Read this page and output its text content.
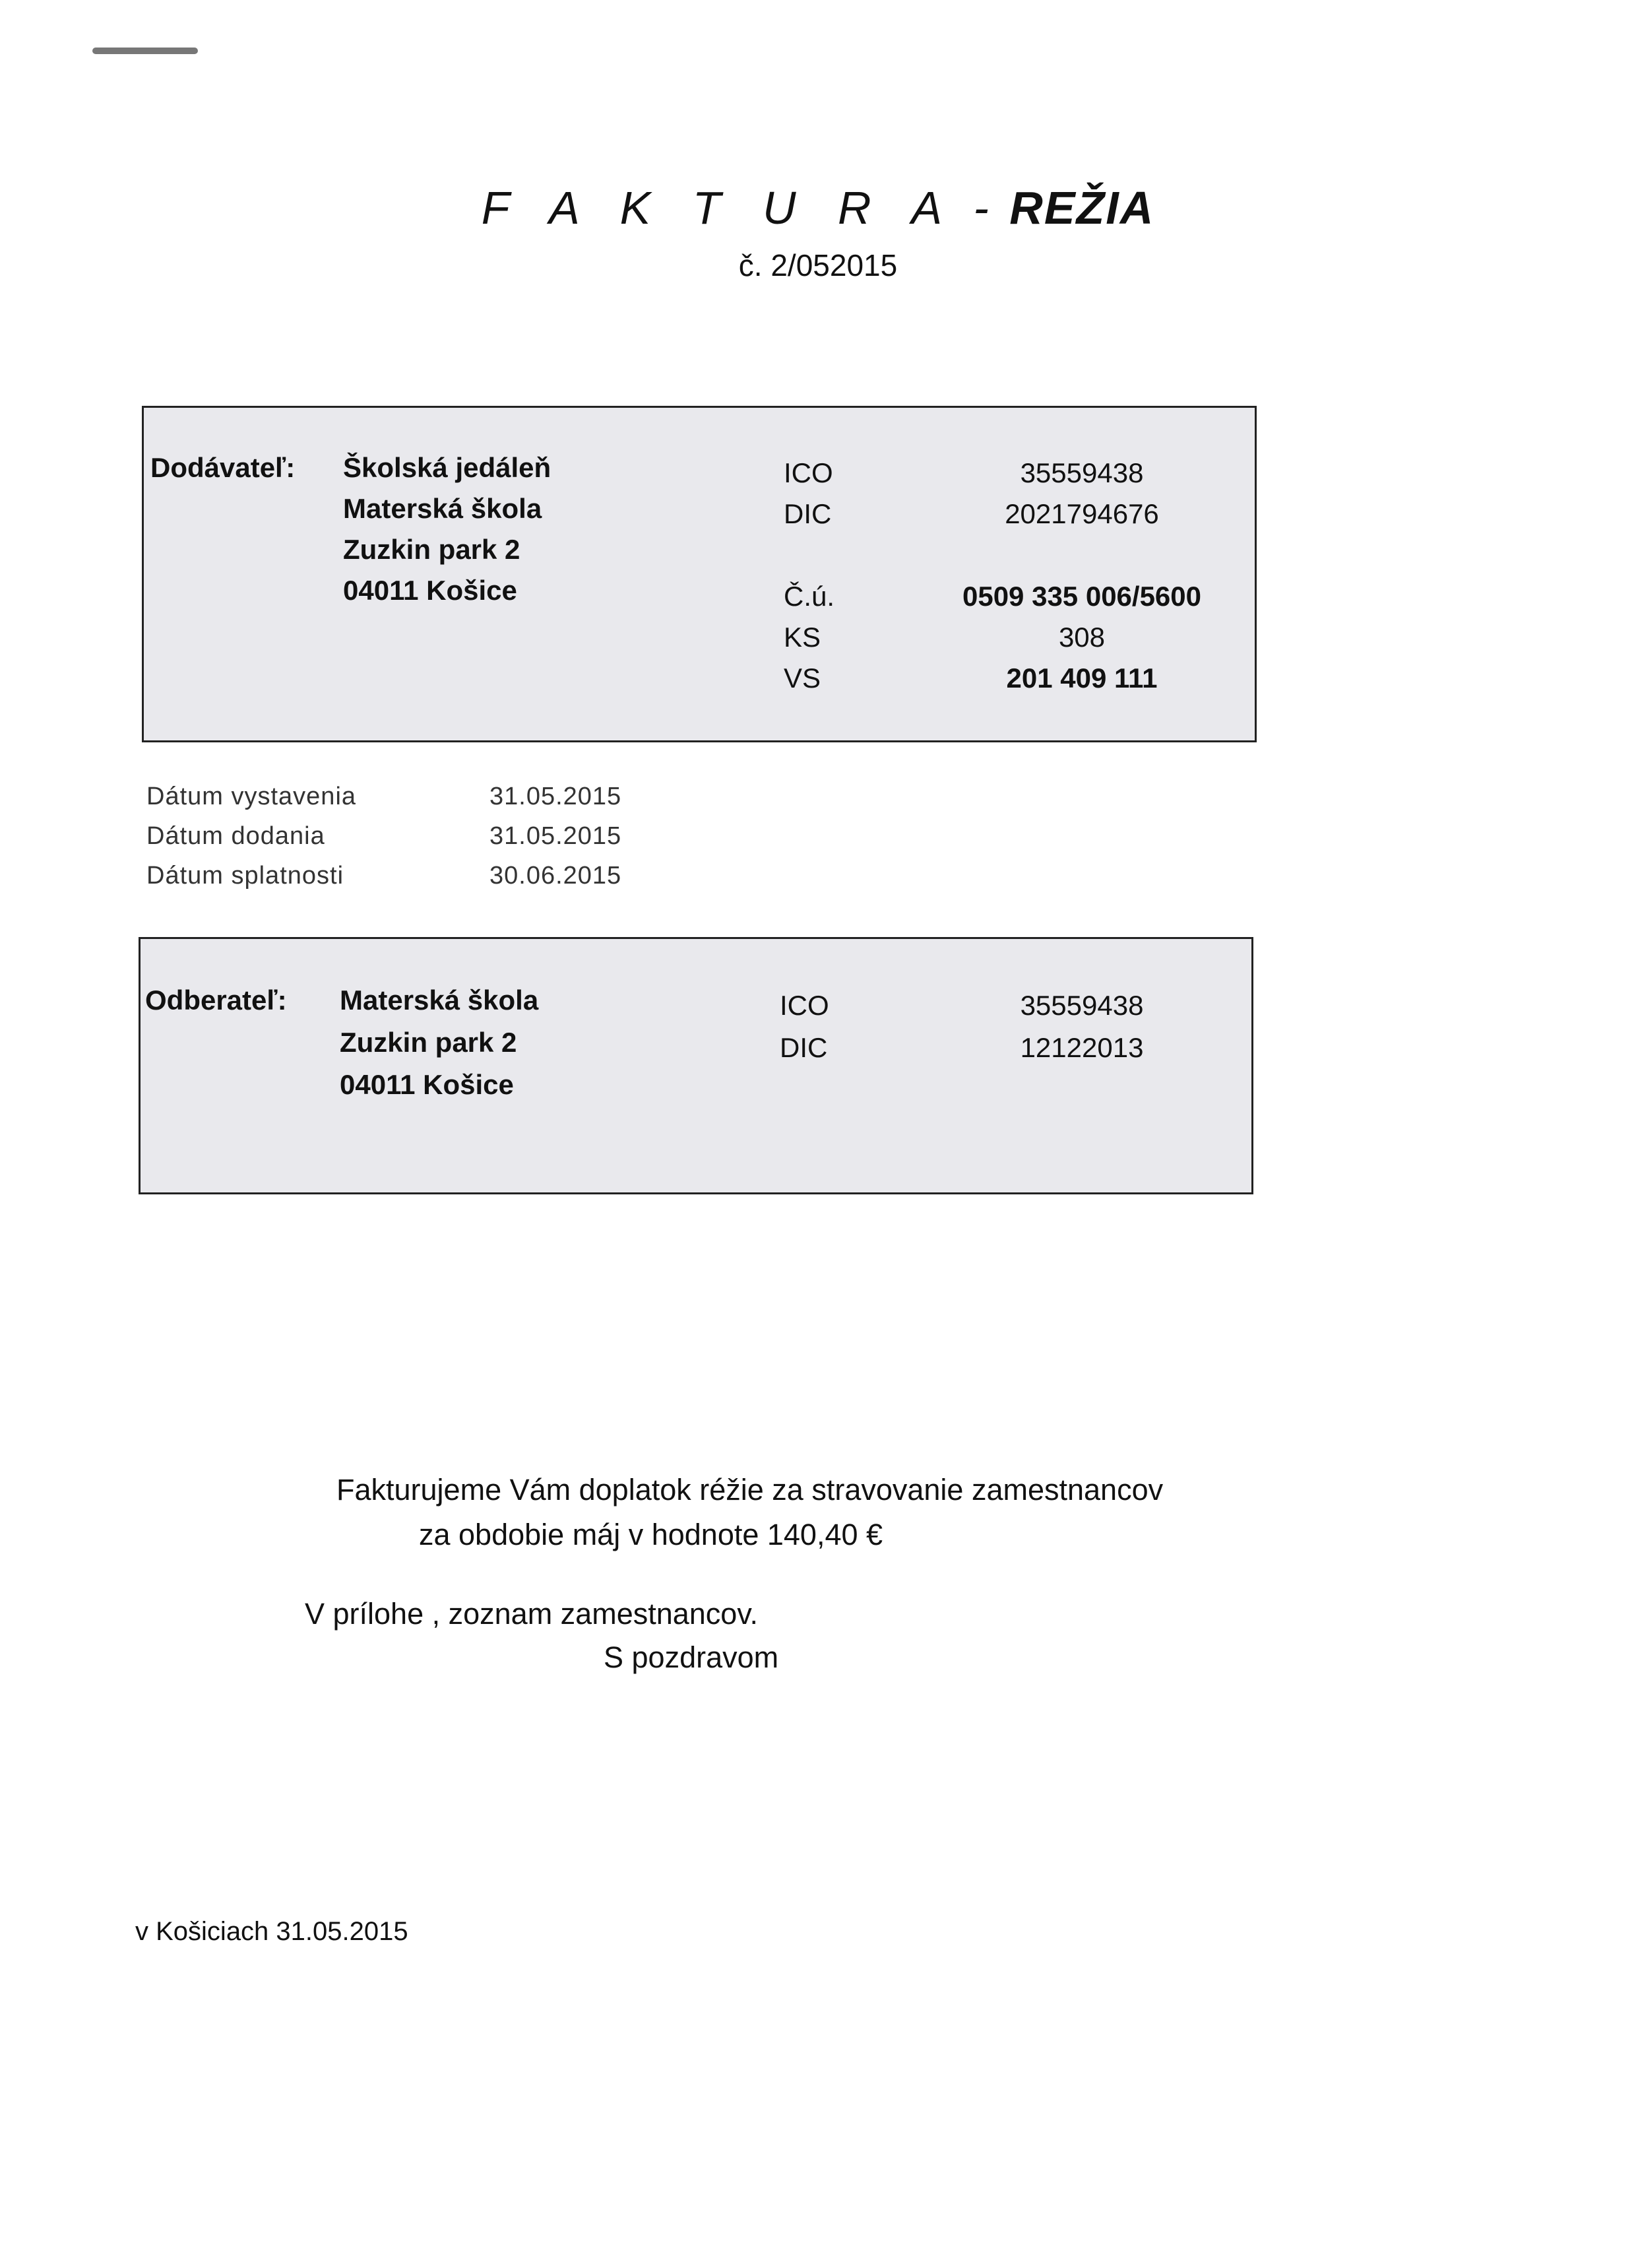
F A K T U R A - REŽIA
č. 2/052015
Dodávateľ: Školská jedáleň
Materská škola
Zuzkin park 2
04011 Košice
ICO	35559438
DIC	2021794676
Č.ú.	0509 335 006/5600
KS	308
VS	201 409 111
Dátum vystavenia	31.05.2015
Dátum dodania	31.05.2015
Dátum splatnosti	30.06.2015
Odberateľ: Materská škola
Zuzkin park 2
04011 Košice
ICO	35559438
DIC	12122013
Fakturujeme Vám doplatok réžie za stravovanie zamestnancov
za obdobie máj v hodnote 140,40 €
V prílohe , zoznam zamestnancov.
S pozdravom
v Košiciach 31.05.2015
